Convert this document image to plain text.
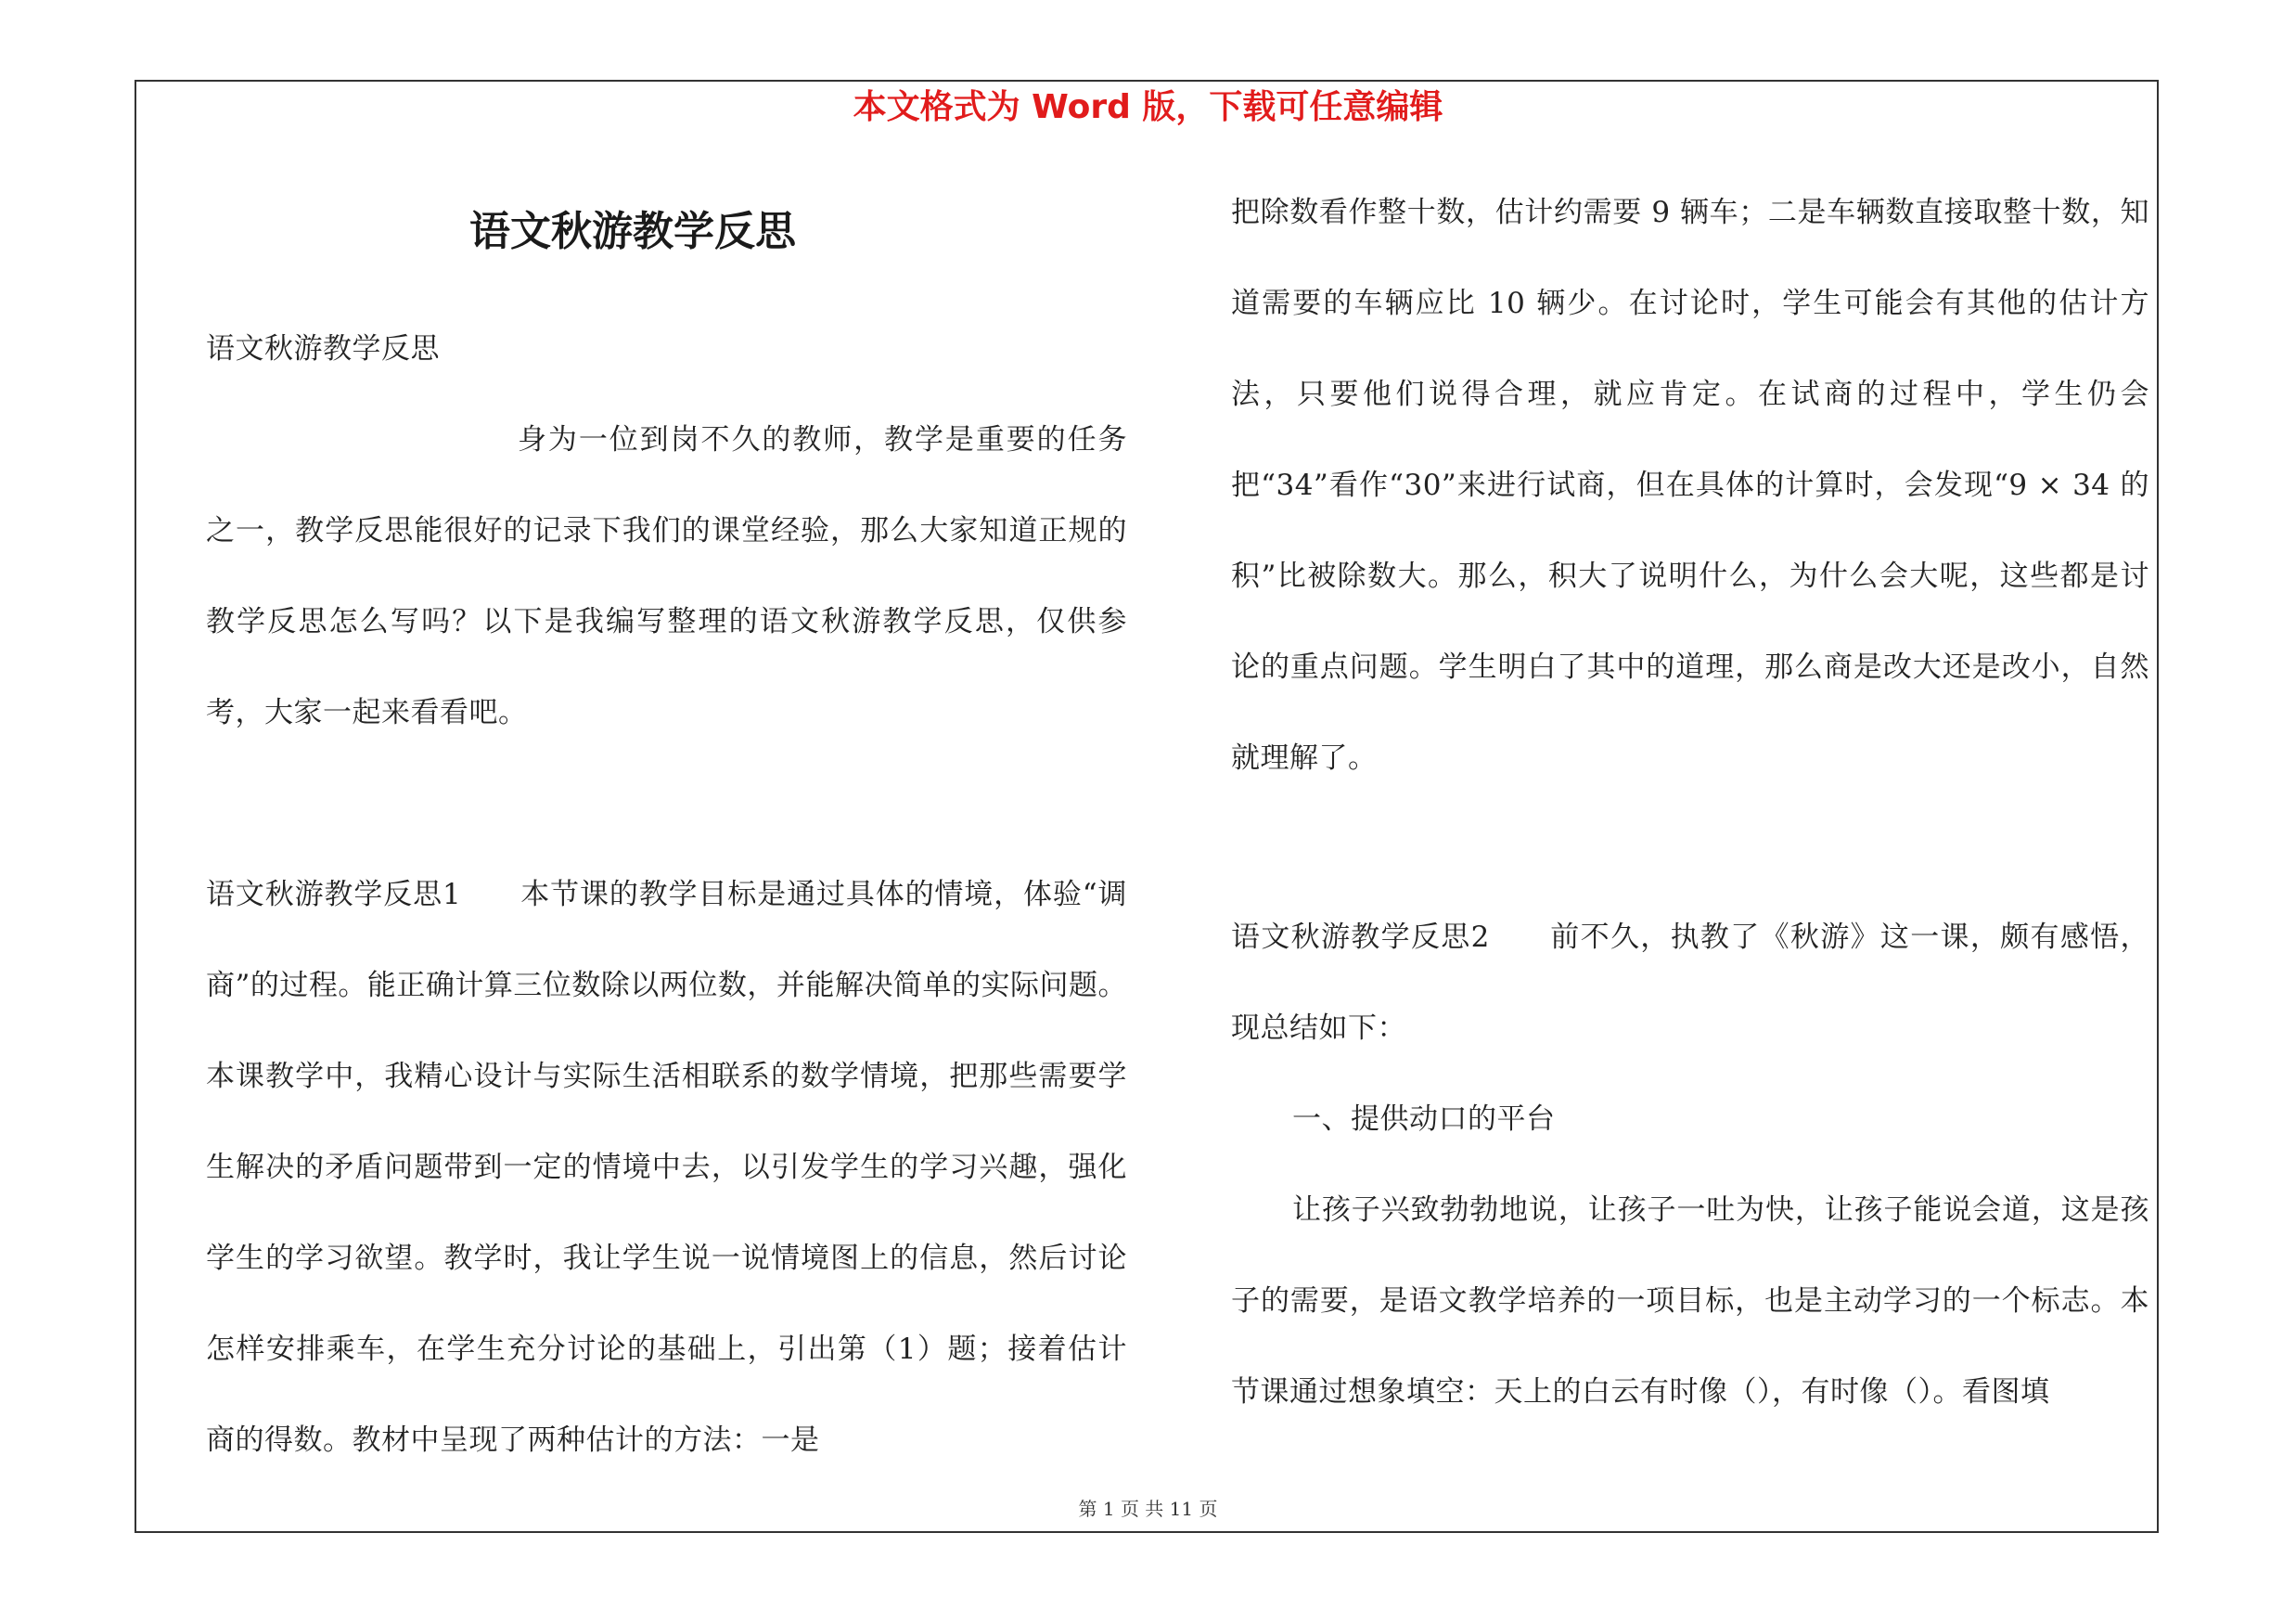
本文格式为 Word 版，下载可任意编辑
语文秋游教学反思

语文秋游教学反思

身为一位到岗不久的教师，教学是重要的任务之一，教学反思能很好的记录下我们的课堂经验，那么大家知道正规的教学反思怎么写吗？以下是我编写整理的语文秋游教学反思，仅供参考，大家一起来看看吧。

语文秋游教学反思1　　本节课的教学目标是通过具体的情境，体验“调商”的过程。能正确计算三位数除以两位数，并能解决简单的实际问题。本课教学中，我精心设计与实际生活相联系的数学情境，把那些需要学生解决的矛盾问题带到一定的情境中去，以引发学生的学习兴趣，强化学生的学习欲望。教学时，我让学生说一说情境图上的信息，然后讨论怎样安排乘车，在学生充分讨论的基础上，引出第（1）题；接着估计商的得数。教材中呈现了两种估计的方法：一是

把除数看作整十数，估计约需要 9 辆车；二是车辆数直接取整十数，知道需要的车辆应比 10 辆少。在讨论时，学生可能会有其他的估计方法，只要他们说得合理，就应肯定。在试商的过程中，学生仍会把“34”看作“30”来进行试商，但在具体的计算时，会发现“9 × 34 的积”比被除数大。那么，积大了说明什么，为什么会大呢，这些都是讨论的重点问题。学生明白了其中的道理，那么商是改大还是改小，自然就理解了。

语文秋游教学反思2　　前不久，执教了《秋游》这一课，颇有感悟，现总结如下：

一、提供动口的平台

让孩子兴致勃勃地说，让孩子一吐为快，让孩子能说会道，这是孩子的需要，是语文教学培养的一项目标，也是主动学习的一个标志。本节课通过想象填空：天上的白云有时像（），有时像（）。看图填

第 1 页 共 11 页
